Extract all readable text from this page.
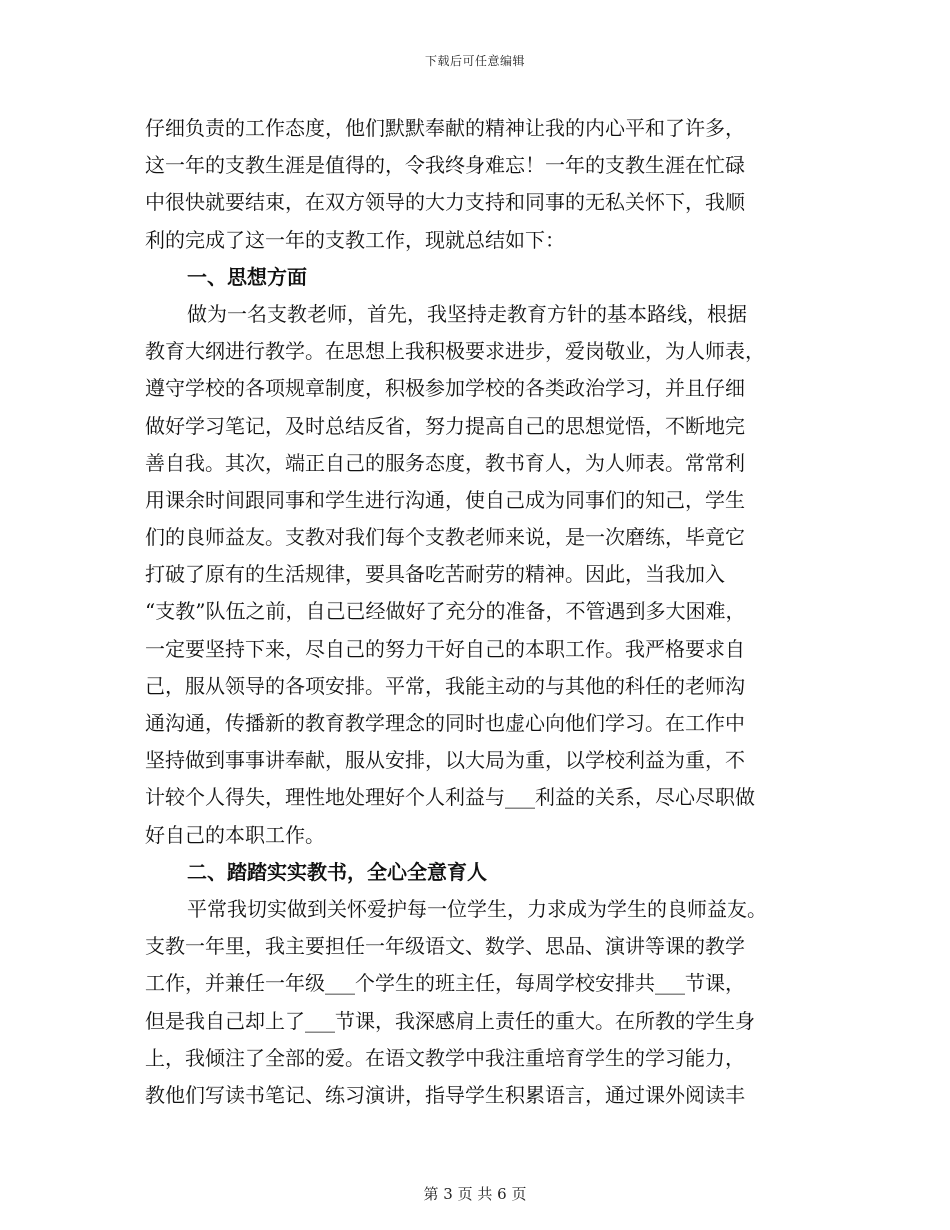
下载后可任意编辑
仔细负责的工作态度，他们默默奉献的精神让我的内心平和了许多，
这一年的支教生涯是值得的，令我终身难忘！一年的支教生涯在忙碌
中很快就要结束，在双方领导的大力支持和同事的无私关怀下，我顺
利的完成了这一年的支教工作，现就总结如下：
一、思想方面
做为一名支教老师，首先，我坚持走教育方针的基本路线，根据
教育大纲进行教学。在思想上我积极要求进步，爱岗敬业，为人师表，
遵守学校的各项规章制度，积极参加学校的各类政治学习，并且仔细
做好学习笔记，及时总结反省，努力提高自己的思想觉悟，不断地完
善自我。其次，端正自己的服务态度，教书育人，为人师表。常常利
用课余时间跟同事和学生进行沟通，使自己成为同事们的知己，学生
们的良师益友。支教对我们每个支教老师来说，是一次磨练，毕竟它
打破了原有的生活规律，要具备吃苦耐劳的精神。因此，当我加入
“支教”队伍之前，自己已经做好了充分的准备，不管遇到多大困难，
一定要坚持下来，尽自己的努力干好自己的本职工作。我严格要求自
己，服从领导的各项安排。平常，我能主动的与其他的科任的老师沟
通沟通，传播新的教育教学理念的同时也虚心向他们学习。在工作中
坚持做到事事讲奉献，服从安排，以大局为重，以学校利益为重，不
计较个人得失，理性地处理好个人利益与___利益的关系，尽心尽职做
好自己的本职工作。
二、踏踏实实教书，全心全意育人
平常我切实做到关怀爱护每一位学生，力求成为学生的良师益友。
支教一年里，我主要担任一年级语文、数学、思品、演讲等课的教学
工作，并兼任一年级___个学生的班主任，每周学校安排共___节课，
但是我自己却上了___节课，我深感肩上责任的重大。在所教的学生身
上，我倾注了全部的爱。在语文教学中我注重培育学生的学习能力，
教他们写读书笔记、练习演讲，指导学生积累语言，通过课外阅读丰
第 3 页 共 6 页
